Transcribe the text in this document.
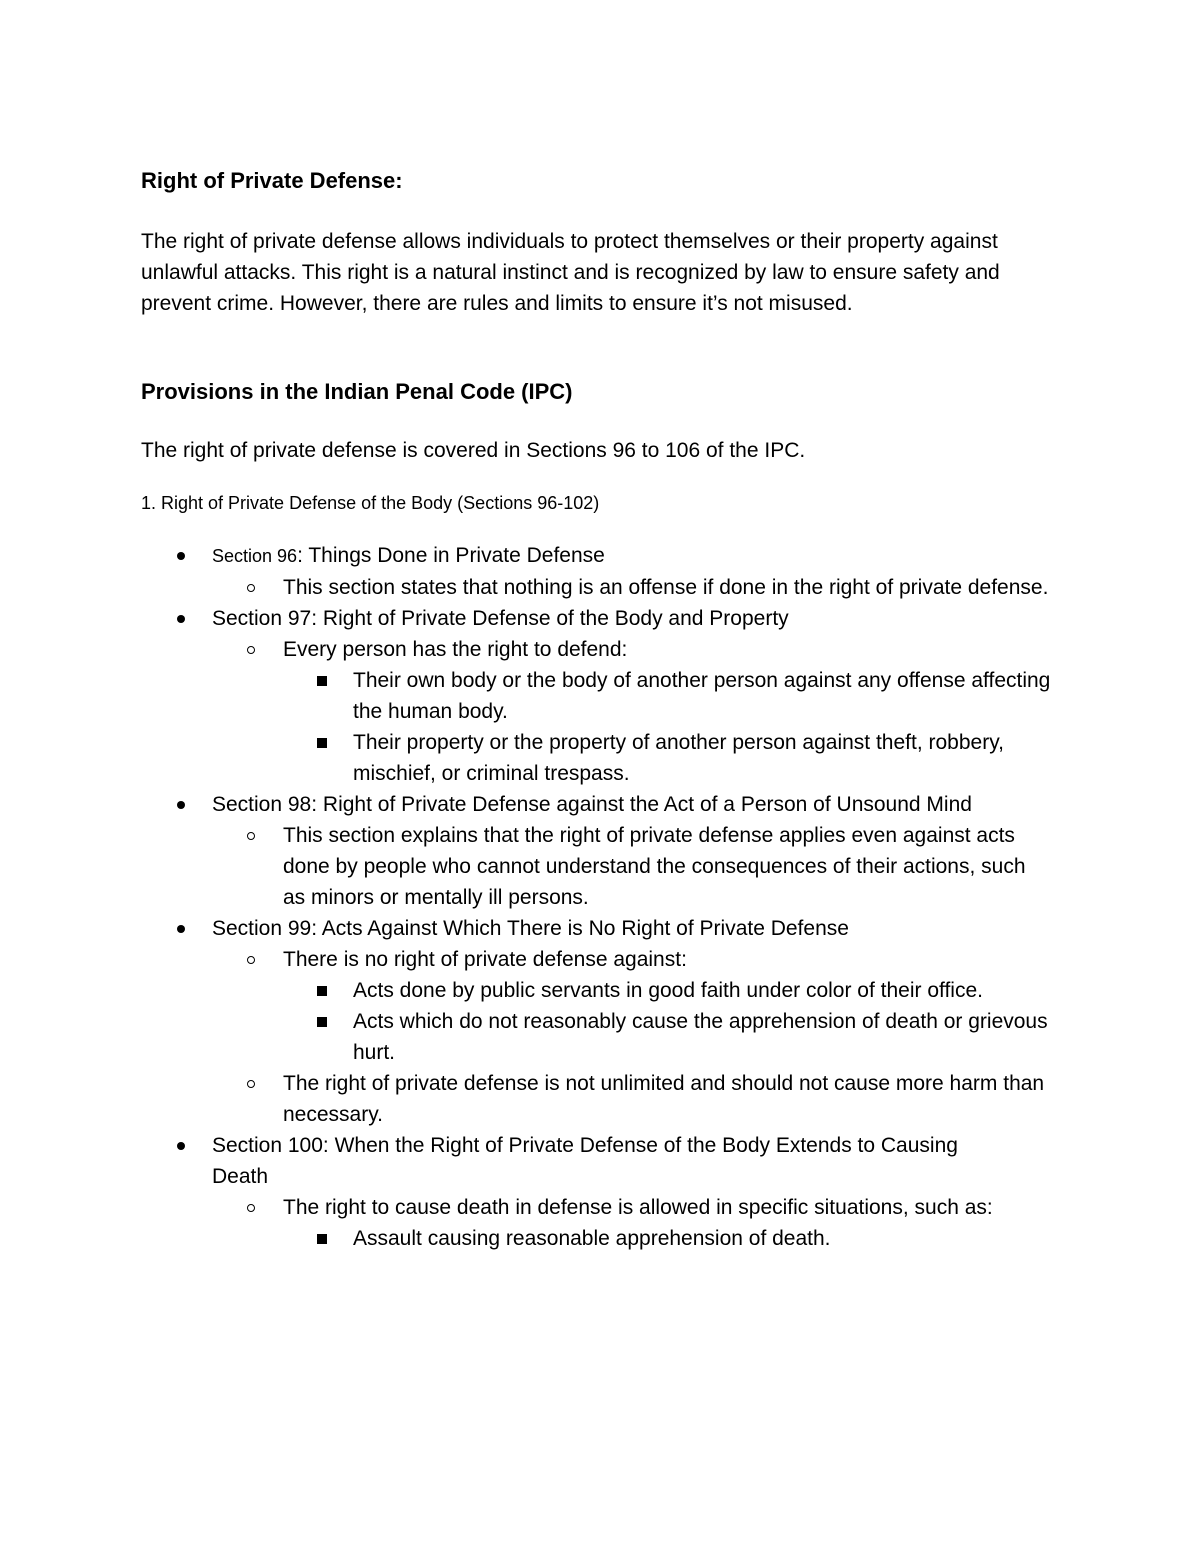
Right of Private Defense:

The right of private defense allows individuals to protect themselves or their property against unlawful attacks. This right is a natural instinct and is recognized by law to ensure safety and prevent crime. However, there are rules and limits to ensure it’s not misused.

Provisions in the Indian Penal Code (IPC)

The right of private defense is covered in Sections 96 to 106 of the IPC.

1. Right of Private Defense of the Body (Sections 96-102)

Section 96: Things Done in Private Defense
This section states that nothing is an offense if done in the right of private defense.
Section 97: Right of Private Defense of the Body and Property
Every person has the right to defend:
Their own body or the body of another person against any offense affecting the human body.
Their property or the property of another person against theft, robbery, mischief, or criminal trespass.
Section 98: Right of Private Defense against the Act of a Person of Unsound Mind
This section explains that the right of private defense applies even against acts done by people who cannot understand the consequences of their actions, such as minors or mentally ill persons.
Section 99: Acts Against Which There is No Right of Private Defense
There is no right of private defense against:
Acts done by public servants in good faith under color of their office.
Acts which do not reasonably cause the apprehension of death or grievous hurt.
The right of private defense is not unlimited and should not cause more harm than necessary.
Section 100: When the Right of Private Defense of the Body Extends to Causing Death
The right to cause death in defense is allowed in specific situations, such as:
Assault causing reasonable apprehension of death.
